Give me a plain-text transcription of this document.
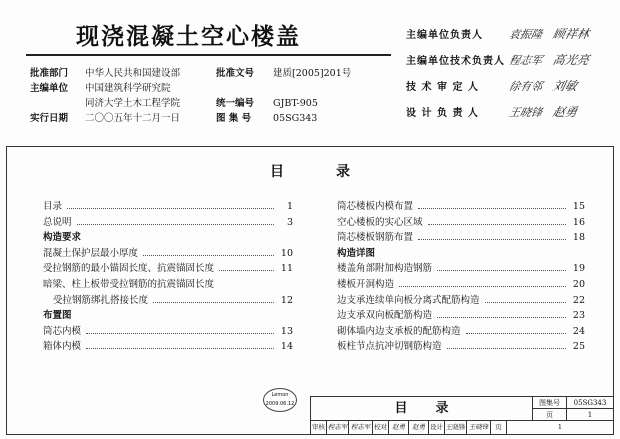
现浇混凝土空心楼盖
批准部门 中华人民共和国建设部
主编单位 中国建筑科学研究院
同济大学土木工程学院
实行日期 二〇〇五年十二月一日
批准文号 建质[2005]201号
统一编号 GJBT-905
图 集 号 05SG343
主编单位负责人 袁振隆 顾祥林
主编单位技术负责人 程志军 高光亮
技 术 审 定 人	徐有邻 刘敏
设 计 负 责 人	王晓锋 赵勇
目录
目录	1
总说明	3
构造要求
混凝土保护层最小厚度	10
受拉钢筋的最小锚固长度、抗震锚固长度	11
暗梁、柱上板带受拉钢筋的抗震锚固长度
受拉钢筋绑扎搭接长度	12
布置图
筒芯内模	13
箱体内模	14
筒芯楼板内模布置	15
空心楼板的实心区域	16
筒芯楼板钢筋布置	18
构造详图
楼盖角部附加构造钢筋	19
楼板开洞构造	20
边支承连续单向板分离式配筋构造	22
边支承双向板配筋构造	23
砌体墙内边支承板的配筋构造	24
板柱节点抗冲切钢筋构造	25
Lemon
2009.06.12	目录	图集号	05SG343
页	1
审核 程志军 程志军 校对 赵勇	赵勇 设计 王晓锋 王晓锋	页	1
